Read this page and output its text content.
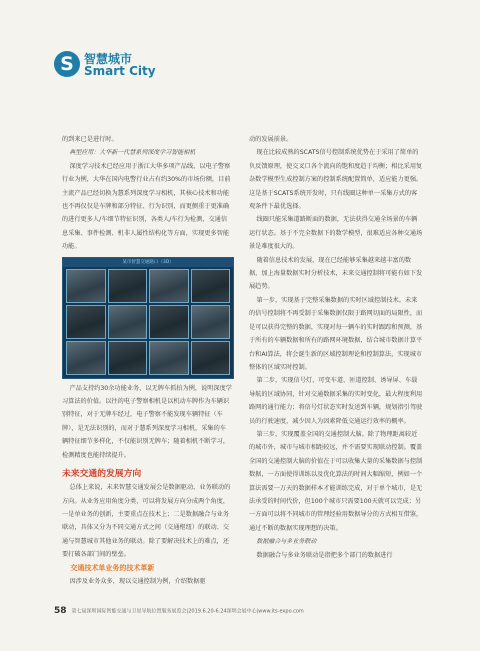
S 智慧城市
Smart City

的到来已是进行时。

典型应用：大华新一代慧系列深度学习智能相机

深度学习技术已经应用于浙江大华多项产品线，以电子警察行业为例，大华在国内电警行业占有约30%的市场份额，目前主流产品已经切换为慧系列深度学习相机，其核心技术和功能也不再仅仅是车牌和部分特征、行为识别，而更侧重于更准确的进行更多人/车细节特征识别，各类人/车行为检测，交通信息采集、事件检测、机非人属性结构化等方面，实现更多智能功能。

产品支持约30余功能业务，以无牌车抓拍为例，说明深度学习算法的价值。以往的电子警察相机是以机动车牌作为车辆识别特征，对于无牌车经过，电子警察不能发现车辆特征（车牌），是无法识别的，而对于慧系列深度学习相机，采集的车辆特征细节多样化，不仅能识别无牌车；随着相机不断学习，检测精度也能持续提升。

未来交通的发展方向

总体上来说，未来智慧交通发展会是数据驱动、业务联动的方向。从业务应用角度分类，可以将发展方向分成两个角度，一是单业务的创新，主要重点在技术上；二是数据融合与业务联动，具体又分为不同交通方式之间（交通枢纽）的联动、交通与智慧城市其他业务的联动。除了要解决技术上的难点，还要打破各部门间的壁垒。

交通技术单业务的技术革新

因涉及业务众多，现以交通控制为例，介绍数据驱

某市智慧交通路口（3D）

动的发展前景。

现在比较成熟的SCATS信号控制系统优势在于采用了简单的负反馈原理，使交叉口各个流向的饱和度趋于均衡；相比采用复杂数学模型生成控制方案的控制系统配置简单，适应能力更强。这是基于SCATS系统开发时，只有线圈这种单一采集方式的客观条件下最优选择。

线圈只能采集道路断面的数据，无法获得交通全场景的车辆运行状态。基于不完全数据下的数学模型，很难适应各种交通场景是难度很大的。

随着信息技术的发展，现在已经能够采集越来越丰富的数据，加上海量数据实时分析技术，未来交通控制将可能有如下发展趋势。

第一步，实现基于完整采集数据的实时区域控制技术。未来的信号控制将不再受制于采集数据仅限于路网切面的局限性，而是可以获得完整的数据，实现对每一辆车的实时跟踪和预测，基于所有的车辆数据和所有的路网环境数据，结合城市数据计算平台和AI算法，将会诞生新的区域控制理论和控制算法，实现城市整体的区域实时控制。

第二步，实现信号灯、可变车道、匝道控制、诱导屏、车载导航的区域协同，针对交通数据采集的实时变化，最大程度利用路网的通行能力；将信号灯状态实时发送到车辆，规划指引驾驶员的行驶速度，减少因人为因素降低交通运行效率的概率。

第三步，实现覆盖全国的交通控制大脑。除了物理距离较近的城市外，城市与城市相距较远，并不需要实现联动控制。覆盖全国的交通控制大脑的价值在于可以收集大量的采集数据与控制数据，一方面使得训练以及优化算法的时间大幅缩短，例如一个算法需要一万天的数据样本才能训练完成，对于单个城市，是无法承受的时间代价，但100个城市只需要100天就可以完成；另一方面可以将不同城市的管理经验用数据导分的方式相互借鉴，通过不断的数据实现理想的决策。

数据融合与多业务联动

数据融合与多业务联动是指把多个部门的数据进行

58 第七届深圳国际智能交通与卫星导航位置服务展览会|2019.6.20-6.24深圳会展中心|www.its-expo.com
